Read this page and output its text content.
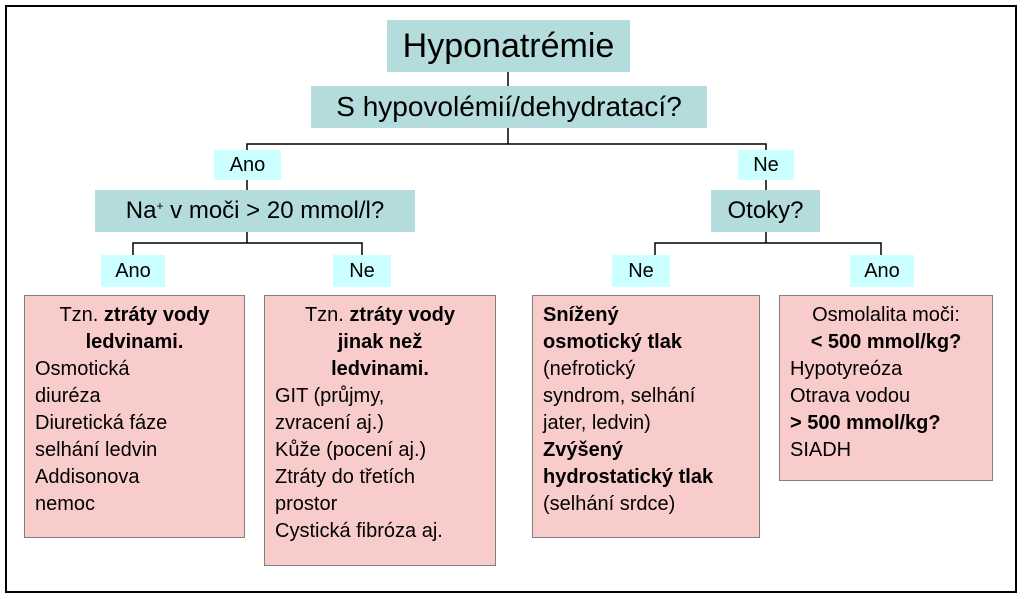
Hyponatrémie
S hypovolémií/dehydratací?
Ano
Na+ v moči > 20 mmol/l?
Ano	Ne
Ne
Otoky?
Ne	Ano
Tzn. ztráty vody
ledvinami.
Osmotická
diuréza
Diuretická fáze
selhání ledvin
Addisonova
nemoc
Tzn. ztráty vody
jinak než
ledvinami.
GIT (průjmy,
zvracení aj.)
Kůže (pocení aj.)
Ztráty do třetích
prostor
Cystická fibróza aj.
Snížený
osmotický tlak
(nefrotický
syndrom, selhání
jater, ledvin)
Zvýšený
hydrostatický tlak
(selhání srdce)
Osmolalita moči:
< 500 mmol/kg?
Hypotyreóza
Otrava vodou
> 500 mmol/kg?
SIADH
